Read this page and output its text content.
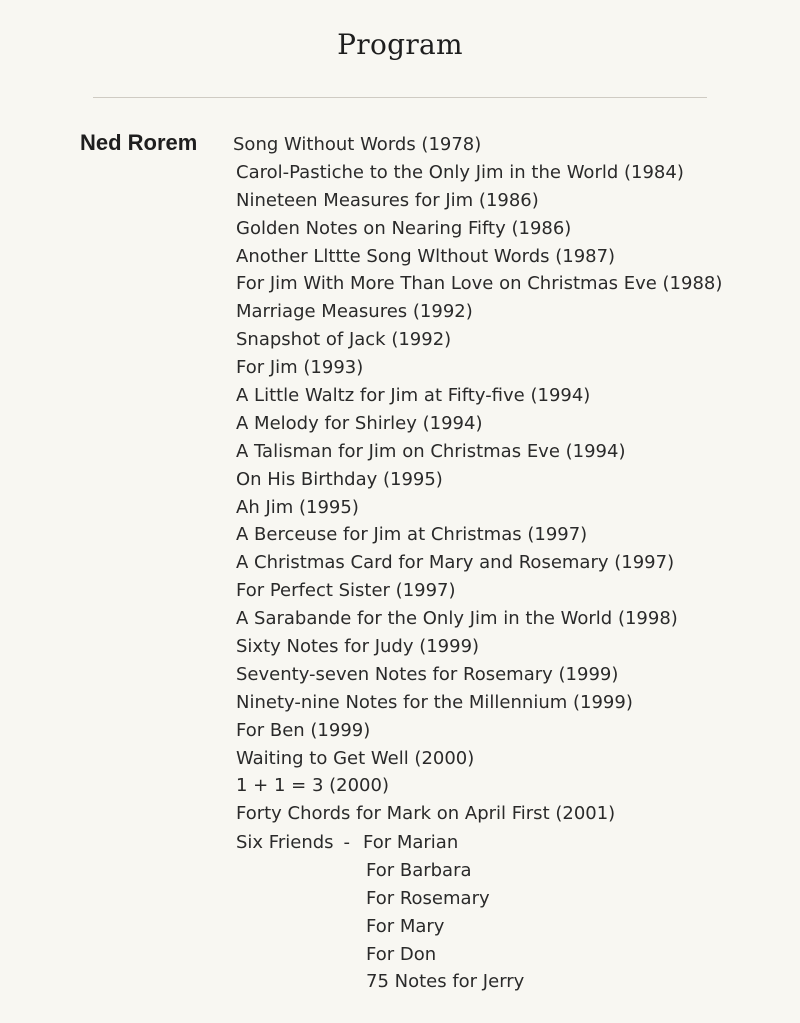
Program
Ned Rorem	Song Without Words (1978)
Carol-Pastiche to the Only Jim in the World (1984)
Nineteen Measures for Jim (1986)
Golden Notes on Nearing Fifty (1986)
Another Llttte Song Wlthout Words (1987)
For Jim With More Than Love on Christmas Eve (1988)
Marriage Measures (1992)
Snapshot of Jack (1992)
For Jim (1993)
A Little Waltz for Jim at Fifty-five (1994)
A Melody for Shirley (1994)
A Talisman for Jim on Christmas Eve (1994)
On His Birthday (1995)
Ah Jim (1995)
A Berceuse for Jim at Christmas (1997)
A Christmas Card for Mary and Rosemary (1997)
For Perfect Sister (1997)
A Sarabande for the Only Jim in the World (1998)
Sixty Notes for Judy (1999)
Seventy-seven Notes for Rosemary (1999)
Ninety-nine Notes for the Millennium (1999)
For Ben (1999)
Waiting to Get Well (2000)
1 + 1 = 3 (2000)
Forty Chords for Mark on April First (2001)
Six Friends - For Marian
For Barbara
For Rosemary
For Mary
For Don
75 Notes for Jerry
